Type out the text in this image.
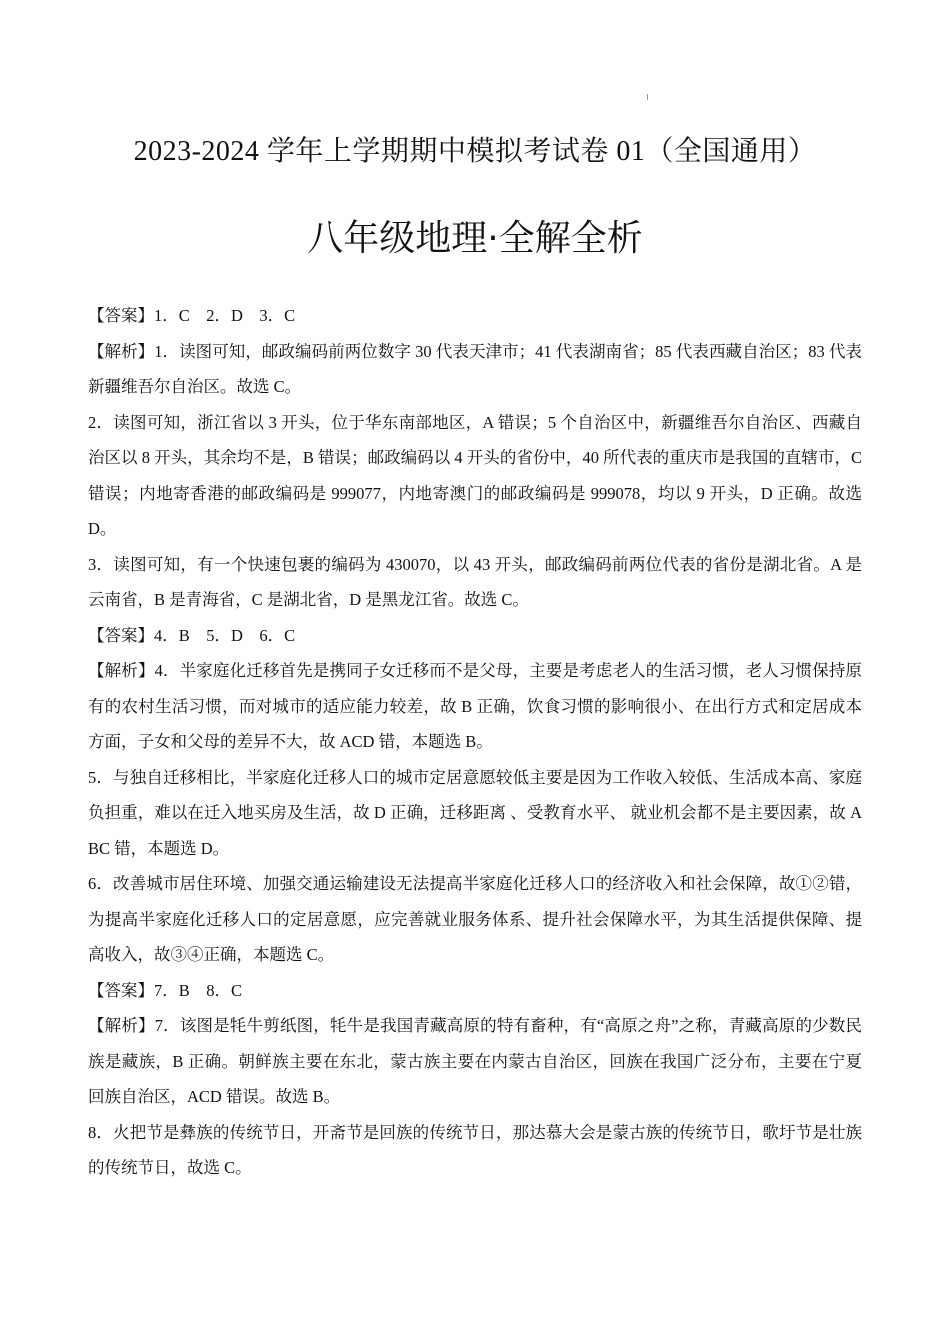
2023-2024 学年上学期期中模拟考试卷 01（全国通用）
八年级地理·全解全析

【答案】1．C　2．D　3．C

【解析】1．读图可知，邮政编码前两位数字 30 代表天津市；41 代表湖南省；85 代表西藏自治区；83 代表新疆维吾尔自治区。故选 C。

2．读图可知，浙江省以 3 开头，位于华东南部地区，A 错误；5 个自治区中，新疆维吾尔自治区、西藏自治区以 8 开头，其余均不是，B 错误；邮政编码以 4 开头的省份中，40 所代表的重庆市是我国的直辖市，C 错误；内地寄香港的邮政编码是 999077，内地寄澳门的邮政编码是 999078，均以 9 开头，D 正确。故选 D。

3．读图可知，有一个快速包裹的编码为 430070，以 43 开头，邮政编码前两位代表的省份是湖北省。A 是云南省，B 是青海省，C 是湖北省，D 是黑龙江省。故选 C。

【答案】4．B　5．D　6．C

【解析】4．半家庭化迁移首先是携同子女迁移而不是父母，主要是考虑老人的生活习惯，老人习惯保持原有的农村生活习惯，而对城市的适应能力较差，故 B 正确，饮食习惯的影响很小、在出行方式和定居成本方面，子女和父母的差异不大，故 ACD 错，本题选 B。

5．与独自迁移相比，半家庭化迁移人口的城市定居意愿较低主要是因为工作收入较低、生活成本高、家庭负担重，难以在迁入地买房及生活，故 D 正确，迁移距离 、受教育水平、 就业机会都不是主要因素，故 ABC 错，本题选 D。

6．改善城市居住环境、加强交通运输建设无法提高半家庭化迁移人口的经济收入和社会保障，故①②错，为提高半家庭化迁移人口的定居意愿，应完善就业服务体系、提升社会保障水平，为其生活提供保障、提高收入，故③④正确，本题选 C。

【答案】7．B　8．C

【解析】7．该图是牦牛剪纸图，牦牛是我国青藏高原的特有畜种，有“高原之舟”之称，青藏高原的少数民族是藏族，B 正确。朝鲜族主要在东北，蒙古族主要在内蒙古自治区，回族在我国广泛分布，主要在宁夏回族自治区，ACD 错误。故选 B。

8．火把节是彝族的传统节日，开斋节是回族的传统节日，那达慕大会是蒙古族的传统节日，歌圩节是壮族的传统节日，故选 C。
